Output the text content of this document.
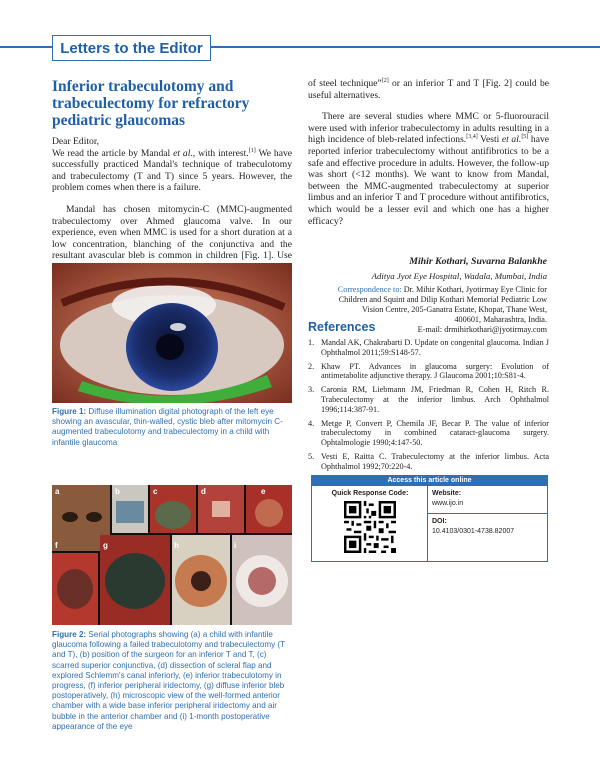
Letters to the Editor
Inferior trabeculotomy and trabeculectomy for refractory pediatric glaucomas

Dear Editor,

We read the article by Mandal et al., with interest.[1] We have successfully practiced Mandal's technique of trabeculotomy and trabeculectomy (T and T) since 5 years. However, the problem comes when there is a failure.

Mandal has chosen mitomycin-C (MMC)-augmented trabeculectomy over Ahmed glaucoma valve. In our experience, even when MMC is used for a short duration at a low concentration, blanching of the conjunctiva and the resultant avascular bleb is common in children [Fig. 1]. Use

Figure 1: Diffuse illumination digital photograph of the left eye showing an avascular, thin-walled, cystic bleb after mitomycin C-augmented trabeculotomy and trabeculectomy in a child with infantile glaucoma
a	b	c	d	e
f	g	h	i
Figure 2: Serial photographs showing (a) a child with infantile glaucoma following a failed trabeculotomy and trabeculectomy (T and T), (b) position of the surgeon for an inferior T and T, (c) scarred superior conjunctiva, (d) dissection of scleral flap and explored Schlemm's canal inferiorly, (e) inferior trabeculotomy in progress, (f) inferior peripheral iridectomy, (g) diffuse inferior bleb postoperatively, (h) microscopic view of the well-formed anterior chamber with a wide base inferior peripheral iridectomy and air bubble in the anterior chamber and (i) 1-month postoperative appearance of the eye

of steel technique”[2] or an inferior T and T [Fig. 2] could be useful alternatives.

There are several studies where MMC or 5-fluorouracil were used with inferior trabeculectomy in adults resulting in a high incidence of bleb-related infections.[3,4] Vesti et al.[5] have reported inferior trabeculectomy without antifibrotics to be a safe and effective procedure in adults. However, the follow-up was short (<12 months). We want to know from Mandal, between the MMC-augmented trabeculectomy at superior limbus and an inferior T and T procedure without antifibrotics, which would be a lesser evil and which one has a higher efficacy?

Mihir Kothari, Suvarna Balankhe
Aditya Jyot Eye Hospital, Wadala, Mumbai, India
Correspondence to: Dr. Mihir Kothari, Jyotirmay Eye Clinic for
Children and Squint and Dilip Kothari Memorial Pediatric Low
Vision Centre, 205-Ganatra Estate, Khopat, Thane West,
400601, Maharashtra, India.
E-mail: drmihirkothari@jyotirmay.com
References
1. Mandal AK, Chakrabarti D. Update on congenital glaucoma. Indian J Ophthalmol 2011;59:S148-57.
2. Khaw PT. Advances in glaucoma surgery: Evolution of antimetabolite adjunctive therapy. J Glaucoma 2001;10:S81-4.
3. Caronia RM, Liebmann JM, Friedman R, Cohen H, Ritch R. Trabeculectomy at the inferior limbus. Arch Ophthalmol 1996;114:387-91.
4. Metge P, Convert P, Chemila JF, Becar P. The value of inferior trabeculectomy in combined cataract-glaucoma surgery. Ophtalmologie 1990;4:147-50.
5. Vesti E, Raitta C. Trabeculectomy at the inferior limbus. Acta Ophthalmol 1992;70:220-4.
Access this article online
Quick Response Code:	Website:
www.ijo.in
DOI:
10.4103/0301-4738.82007
